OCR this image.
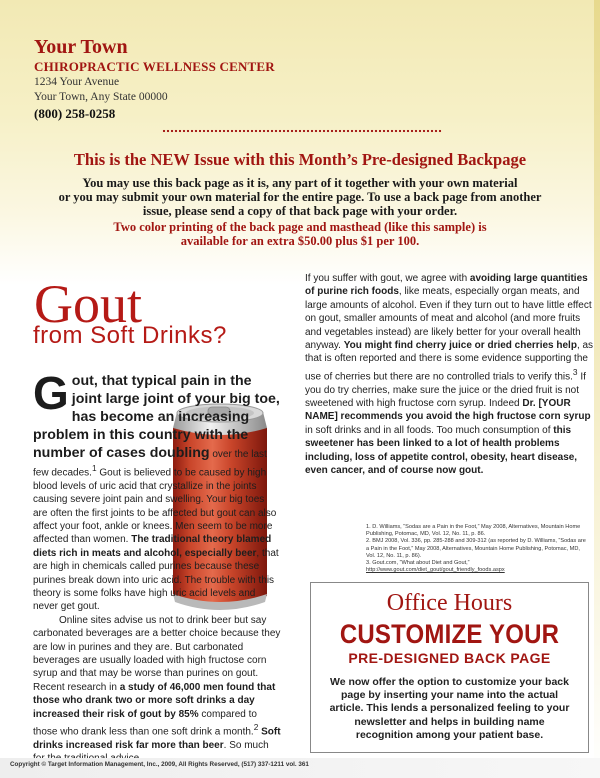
Your Town
CHIROPRACTIC WELLNESS CENTER
1234 Your Avenue
Your Town, Any State 00000
(800) 258-0258
This is the NEW Issue with this Month’s Pre-designed Backpage
You may use this back page as it is, any part of it together with your own material
or you may submit your own material for the entire page. To use a back page from another
issue, please send a copy of that back page with your order.
Two color printing of the back page and masthead (like this sample) is
available for an extra $50.00 plus $1 per 100.
Gout
from Soft Drinks?
Gout, that typical pain in the joint large joint of your big toe, has become an increasing problem in this country with the number of cases doubling over the last few decades.$^1$ Gout is believed to be caused by high blood levels of uric acid that crystallize in the joints causing severe joint pain and swelling. Your big toes are often the first joints to be affected but gout can also affect your foot, ankle or knees. Men seem to be more affected than women. The traditional theory blamed diets rich in meats and alcohol, especially beer, that are high in chemicals called purines because these purines break down into uric acid. The trouble with this theory is some folks have high uric acid levels and never get gout.
Online sites advise us not to drink beer but say carbonated beverages are a better choice because they are low in purines and they are. But carbonated beverages are usually loaded with high fructose corn syrup and that may be worse than purines on gout. Recent research in a study of 46,000 men found that those who drank two or more soft drinks a day increased their risk of gout by 85% compared to those who drank less than one soft drink a month.$^2$ Soft drinks increased risk far more than beer. So much
If you suffer with gout, we agree with avoiding large quantities of purine rich foods, like meats, especially organ meats, and large amounts of alcohol. Even if they turn out to have little effect on gout, smaller amounts of meat and alcohol (and more fruits and vegetables instead) are likely better for your overall health anyway. You might find cherry juice or dried cherries help, as that is often reported and there is some evidence supporting the use of cherries but there are no controlled trials to verify this.$^3$ If you do try cherries, make sure the juice or the dried fruit is not sweetened with high fructose corn syrup. Indeed Dr. [YOUR NAME] recommends you avoid the high fructose corn syrup in soft drinks and in all foods. Too much consumption of this sweetener has been linked to a lot of health problems including, loss of appetite control, obesity, heart disease, even cancer, and of course now gout.
1. D. Williams, “Sodas are a Pain in the Foot,” May 2008, Alternatives, Mountain Home Publishing, Potomac, MD, Vol. 12, No. 11, p. 86.
2. BMJ 2008, Vol. 336, pp. 285-288 and 309-312 (as reported by D. Williams, “Sodas are a Pain in the Foot,” May 2008, Alternatives, Mountain Home Publishing, Potomac, MD, Vol. 12, No. 11, p. 86).
3. Gout.com, “What about Diet and Gout,” http://www.gout.com/diet_gout/gout_friendly_foods.aspx
Office Hours
CUSTOMIZE YOUR
PRE-DESIGNED BACK PAGE
We now offer the option to customize your back page by inserting your name into the actual article. This lends a personalized feeling to your newsletter and helps in building name recognition among your patient base.
Copyright © Target Information Management, Inc., 2009, All Rights Reserved, (517) 337-1211 vol. 361
